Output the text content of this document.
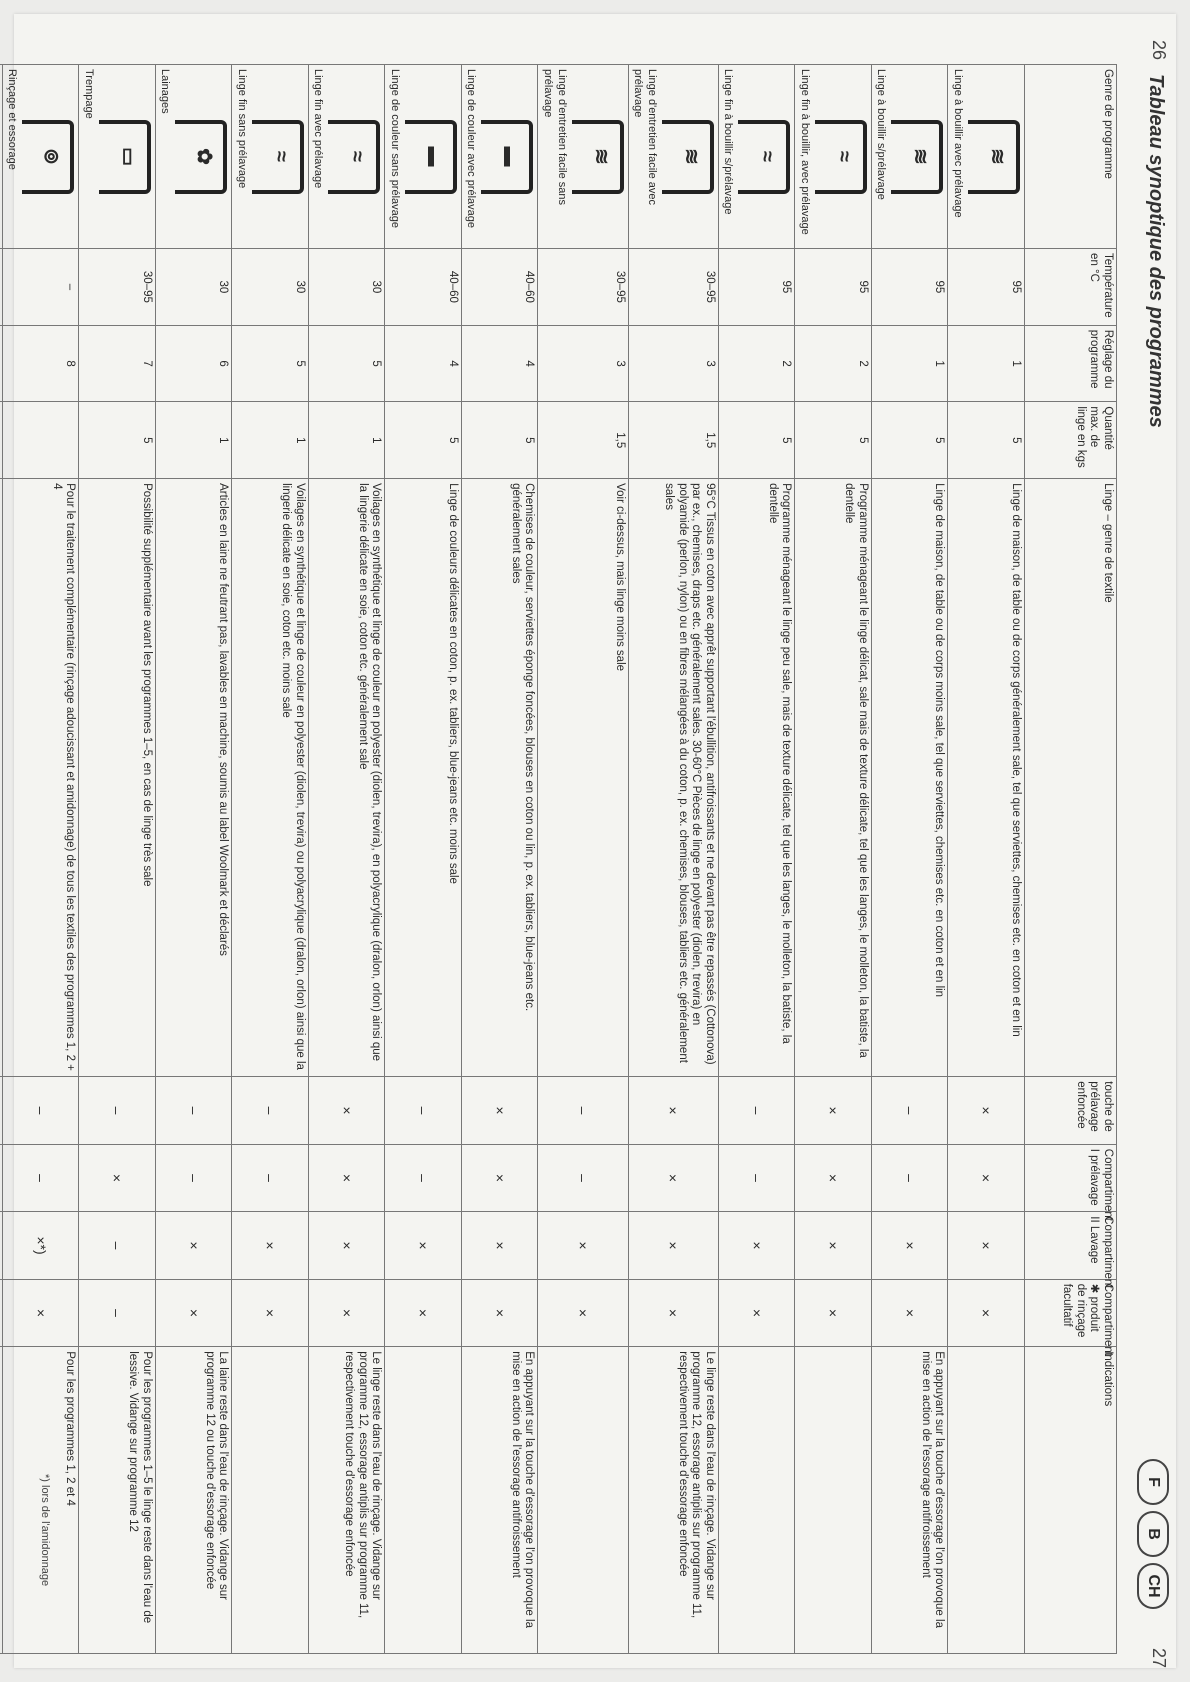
26
Tableau synoptique des programmes
F
B
CH
27
Genre de programme	Température en °C	Réglage du programme	Quantité max. de linge en kgs	Linge – genre de textile	touche de prélavage enfoncée	Compartiment I prélavage	Compartiment II Lavage	Compartiment ✱ produit de rinçage facultatif	Indications

≋
Linge à bouillir avec prélavage	95	1	5	Linge de maison, de table ou de corps généralement sale, tel que serviettes, chemises etc. en coton et en lin	×	×	×	×	

≋
Linge à bouillir s/prélavage	95	1	5	Linge de maison, de table ou de corps moins sale, tel que serviettes, chemises etc. en coton et en lin	–	–	×	×	En appuyant sur la touche d'essorage l'on provoque la mise en action de l'essorage antifroissement

≈
Linge fin à bouillir, avec prélavage	95	2	5	Programme ménageant le linge délicat, sale mais de texture délicate, tel que les langes, le molleton, la batiste, la dentelle	×	×	×	×	

≈
Linge fin à bouillir s/prélavage	95	2	5	Programme ménageant le linge peu sale, mais de texture délicate, tel que les langes, le molleton, la batiste, la dentelle	–	–	×	×	

≋
Linge d'entretien facile avec prélavage	30–95	3	1,5	95°C Tissus en coton avec apprêt supportant l'ébullition, antifroissants et ne devant pas être repassés (Cottonova) par ex., chemises, draps etc. généralement sales. 30-60°C Pièces de linge en polyester (diolen, trevira) en polyamide (perlon, nylon) ou en fibres mélangées à du coton, p. ex. chemises, blouses, tabliers etc. généralement sales	×	×	×	×	Le linge reste dans l'eau de rinçage. Vidange sur programme 12, essorage antiplis sur programme 11, respectivement touche d'essorage enfoncée

≋
Linge d'entretien facile sans prélavage	30–95	3	1,5	Voir ci-dessus, mais linge moins sale	–	–	×	×	

▬
Linge de couleur avec prélavage	40–60	4	5	Chemises de couleur, serviettes éponge foncées, blouses en coton ou lin, p. ex. tabliers, blue-jeans etc. généralement sales	×	×	×	×	En appuyant sur la touche d'essorage l'on provoque la mise en action de l'essorage antifroissement

▬
Linge de couleur sans prélavage	40–60	4	5	Linge de couleurs délicates en coton, p. ex. tabliers, blue-jeans etc. moins sale	–	–	×	×	

≈
Linge fin avec prélavage	30	5	1	Voilages en synthétique et linge de couleur en polyester (diolen, trevira), en polyacrylique (dralon, orlon) ainsi que la lingerie délicate en soie, coton etc. généralement sale	×	×	×	×	Le linge reste dans l'eau de rinçage. Vidange sur programme 12, essorage antiplis sur programme 11, respectivement touche d'essorage enfoncée

≈
Linge fin sans prélavage	30	5	1	Voilages en synthétique et linge de couleur en polyester (diolen, trevira) ou polyacrylique (dralon, orlon) ainsi que la lingerie délicate en soie, coton etc. moins sale	–	–	×	×	

✿
Lainages	30	6	1	Articles en laine ne feutrant pas, lavables en machine, soumis au label Woolmark et déclarés	–	–	×	×	La laine reste dans l'eau de rinçage. Vidange sur programme 12 ou touche d'essorage enfoncée

▭
Trempage	30–95	7	5	Possibilité supplémentaire avant les programmes 1–5, en cas de linge très sale	–	×	–	–	Pour les programmes 1–5 le linge reste dans l'eau de lessive. Vidange sur programme 12

⊚
Rinçage et essorage	–	8		Pour le traitement complémentaire (rinçage adoucissant et amidonnage) de tous les textiles des programmes 1, 2 + 4	–	–	×*)	×	Pour les programmes 1, 2 et 4

*) lors de l'amidonnage
